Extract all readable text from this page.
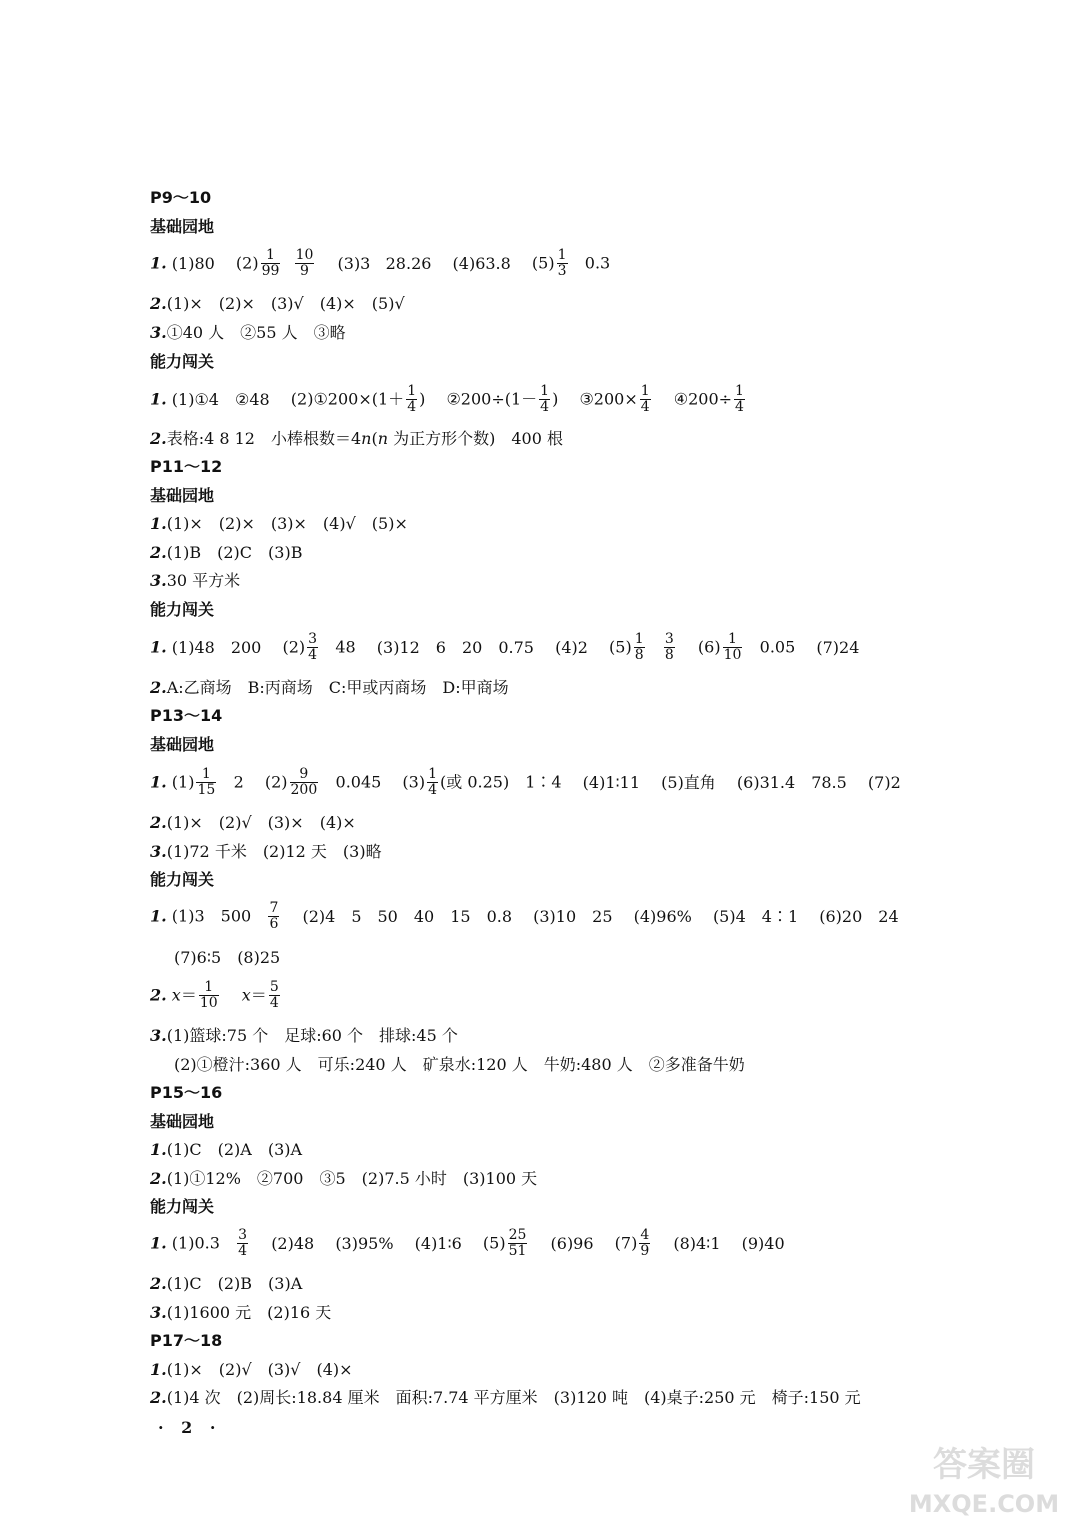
P9～10
基础园地
1. (1)80 $(2) \frac{1}{99}$
$\frac{10}{9} (3)3$ 28.26 (4)63.8 $(5) \frac{1}{3} 0.3$
2.(1)×　(2)×　(3)√　(4)×　(5)√
3.①40 人　②55 人　③略
能力闯关
1. (1)①4　②48 (2)①200×(1＋ $\frac{1}{4}$ ) ②200÷(1－ $\frac{1}{4}$ ) ③200× $\frac{1}{4}$ ④200÷ $\frac{1}{4}$
2.表格:4 8 12　小棒根数＝4n(n 为正方形个数)　400 根
P11～12
基础园地
1.(1)×　(2)×　(3)×　(4)√　(5)×
2.(1)B　(2)C　(3)B
3.30 平方米
能力闯关
1. (1)48　200 $(2) \frac{3}{4} 48$ (3)12　6　20　0.75 (4)2 $(5) \frac{1}{8}$
$\frac{3}{8} (6) \frac{1}{10} 0.05$ (7)24
2.A:乙商场　B:丙商场　C:甲或丙商场　D:甲商场
P13～14
基础园地
1. $(1) \frac{1}{15} 2$ $(2) \frac{9}{200} 0.045$ $(3) \frac{1}{4}$ (或 0.25)　1∶4 (4)1∶11 (5)直角 (6)31.4　78.5 (7)2
2.(1)×　(2)√　(3)×　(4)×
3.(1)72 千米　(2)12 天　(3)略
能力闯关
1. (1)3　$500 \frac{7}{6} (2)4$　5　50　40　15　0.8 (3)10　25 (4)96% (5)4　4∶1 (6)20　24
(7)6∶5　(8)25
2. $x= \frac{1}{10} x= \frac{5}{4}$
3.(1)篮球:75 个　足球:60 个　排球:45 个
(2)①橙汁:360 人　可乐:240 人　矿泉水:120 人　牛奶:480 人　②多准备牛奶
P15～16
基础园地
1.(1)C　(2)A　(3)A
2.(1)①12%　②700　③5　(2)7.5 小时　(3)100 天
能力闯关
1. $(1)0.3 \frac{3}{4} (2)48$ (3)95% (4)1∶6 $(5) \frac{25}{51} (6)96$ $(7) \frac{4}{9}$ (8)4∶1 (9)40
2.(1)C　(2)B　(3)A
3.(1)1600 元　(2)16 天
P17～18
1.(1)×　(2)√　(3)√　(4)×
2.(1)4 次　(2)周长:18.84 厘米　面积:7.74 平方厘米　(3)120 吨　(4)桌子:250 元　椅子:150 元
· 2 ·
答案圈
MXQE.COM
